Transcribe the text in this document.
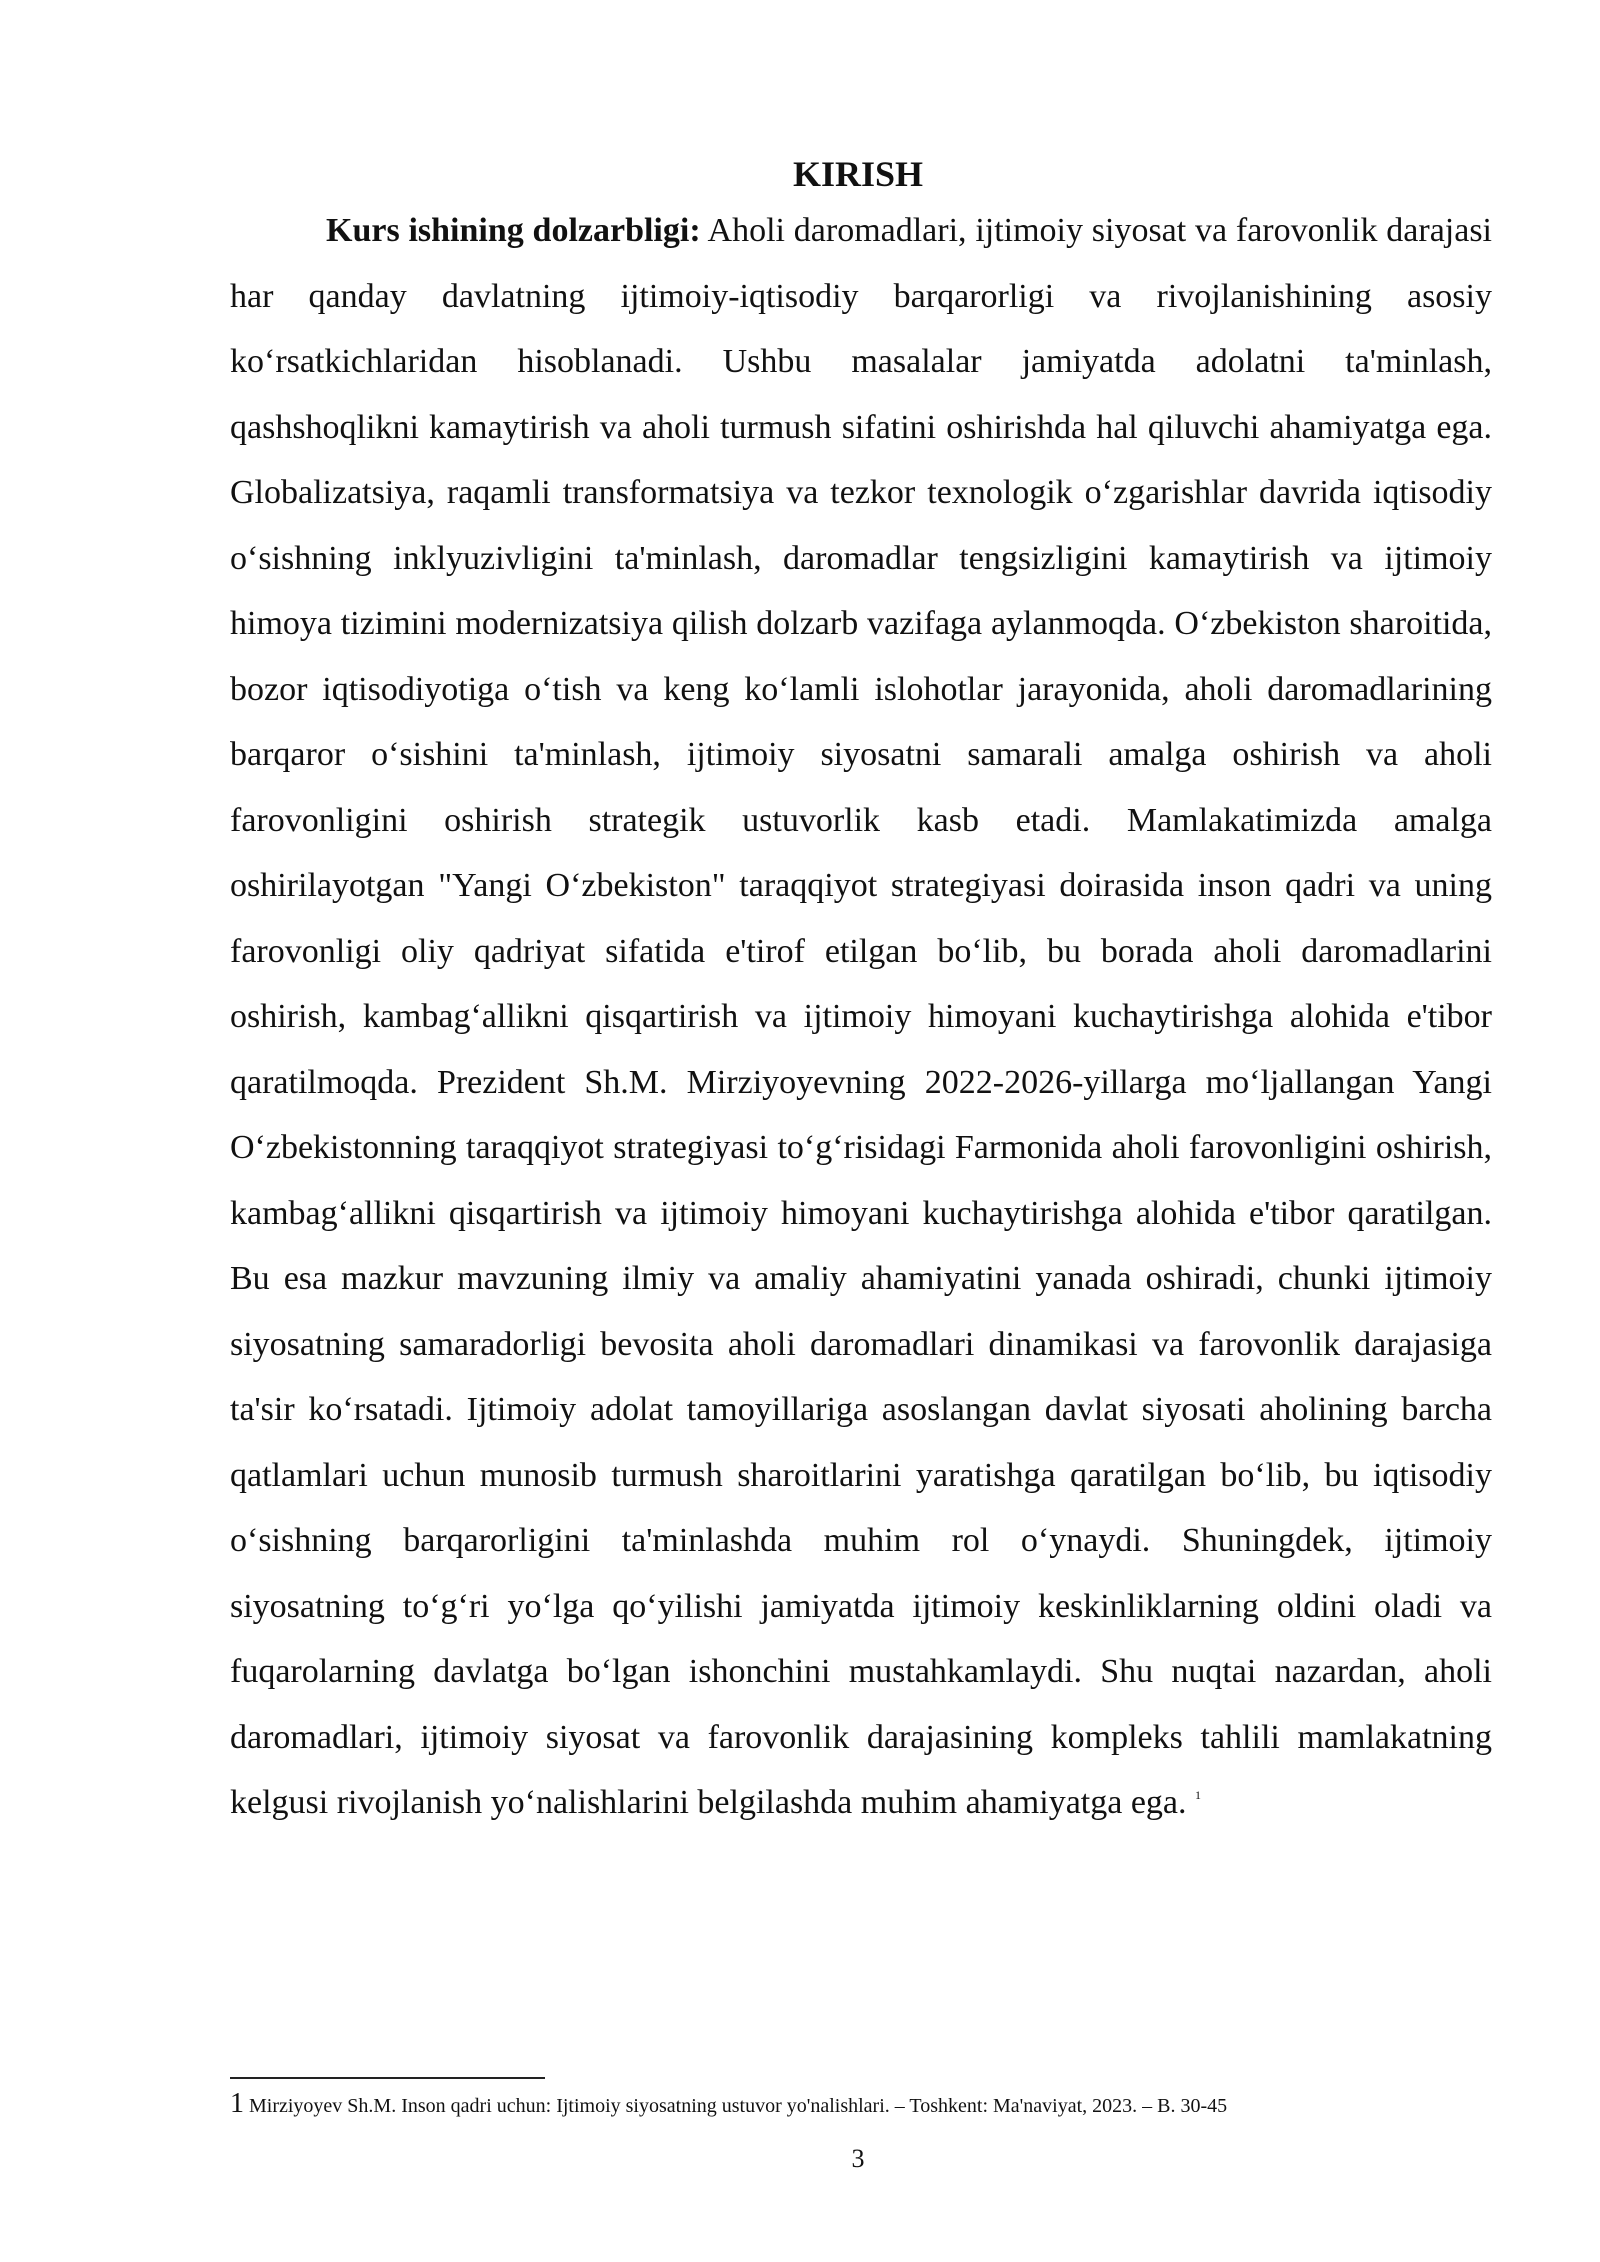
KIRISH

Kurs ishining dolzarbligi: Aholi daromadlari, ijtimoiy siyosat va farovonlik darajasi har qanday davlatning ijtimoiy-iqtisodiy barqarorligi va rivojlanishining asosiy koʻrsatkichlaridan hisoblanadi. Ushbu masalalar jamiyatda adolatni ta'minlash, qashshoqlikni kamaytirish va aholi turmush sifatini oshirishda hal qiluvchi ahamiyatga ega. Globalizatsiya, raqamli transformatsiya va tezkor texnologik oʻzgarishlar davrida iqtisodiy oʻsishning inklyuzivligini ta'minlash, daromadlar tengsizligini kamaytirish va ijtimoiy himoya tizimini modernizatsiya qilish dolzarb vazifaga aylanmoqda. Oʻzbekiston sharoitida, bozor iqtisodiyotiga oʻtish va keng koʻlamli islohotlar jarayonida, aholi daromadlarining barqaror oʻsishini ta'minlash, ijtimoiy siyosatni samarali amalga oshirish va aholi farovonligini oshirish strategik ustuvorlik kasb etadi. Mamlakatimizda amalga oshirilayotgan "Yangi Oʻzbekiston" taraqqiyot strategiyasi doirasida inson qadri va uning farovonligi oliy qadriyat sifatida e'tirof etilgan boʻlib, bu borada aholi daromadlarini oshirish, kambagʻallikni qisqartirish va ijtimoiy himoyani kuchaytirishga alohida e'tibor qaratilmoqda. Prezident Sh.M. Mirziyoyevning 2022-2026-yillarga moʻljallangan Yangi Oʻzbekistonning taraqqiyot strategiyasi toʻgʻrisidagi Farmonida aholi farovonligini oshirish, kambagʻallikni qisqartirish va ijtimoiy himoyani kuchaytirishga alohida e'tibor qaratilgan. Bu esa mazkur mavzuning ilmiy va amaliy ahamiyatini yanada oshiradi, chunki ijtimoiy siyosatning samaradorligi bevosita aholi daromadlari dinamikasi va farovonlik darajasiga ta'sir koʻrsatadi. Ijtimoiy adolat tamoyillariga asoslangan davlat siyosati aholining barcha qatlamlari uchun munosib turmush sharoitlarini yaratishga qaratilgan boʻlib, bu iqtisodiy oʻsishning barqarorligini ta'minlashda muhim rol oʻynaydi. Shuningdek, ijtimoiy siyosatning toʻgʻri yoʻlga qoʻyilishi jamiyatda ijtimoiy keskinliklarning oldini oladi va fuqarolarning davlatga boʻlgan ishonchini mustahkamlaydi. Shu nuqtai nazardan, aholi daromadlari, ijtimoiy siyosat va farovonlik darajasining kompleks tahlili mamlakatning kelgusi rivojlanish yoʻnalishlarini belgilashda muhim ahamiyatga ega. $^1$

1 Mirziyoyev Sh.M. Inson qadri uchun: Ijtimoiy siyosatning ustuvor yo'nalishlari. – Toshkent: Ma'naviyat, 2023. – B. 30-45

3
